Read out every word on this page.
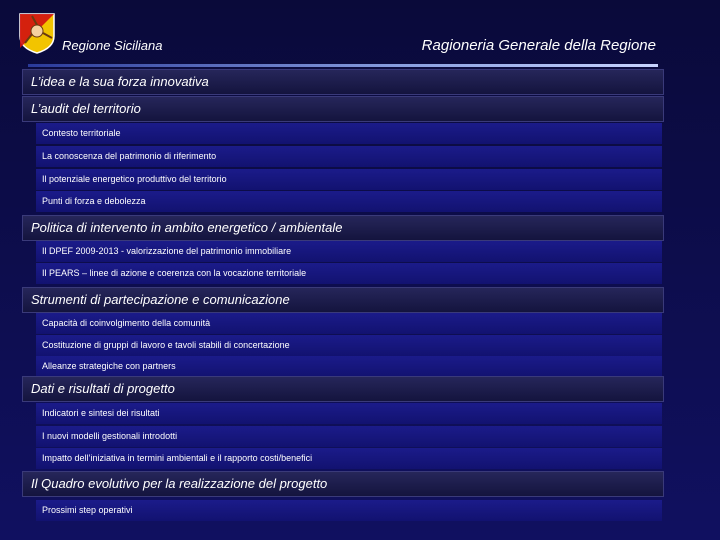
Regione Siciliana	Ragioneria Generale della Regione
L’idea e la sua forza innovativa
L’audit del territorio
Contesto territoriale
La conoscenza del patrimonio di riferimento
Il potenziale energetico produttivo del territorio
Punti di forza e debolezza
Politica di intervento in ambito energetico / ambientale
Il DPEF 2009-2013 - valorizzazione del patrimonio immobiliare
Il PEARS – linee di azione e coerenza con la vocazione territoriale
Strumenti di partecipazione e comunicazione
Capacità di coinvolgimento della comunità
Costituzione di gruppi di lavoro e tavoli stabili di concertazione
Alleanze strategiche con partners
Dati e risultati di progetto
Indicatori e sintesi dei risultati
I nuovi modelli gestionali introdotti
Impatto dell’iniziativa in termini ambientali e il rapporto costi/benefici
Il Quadro evolutivo per la realizzazione del progetto
Prossimi step operativi
